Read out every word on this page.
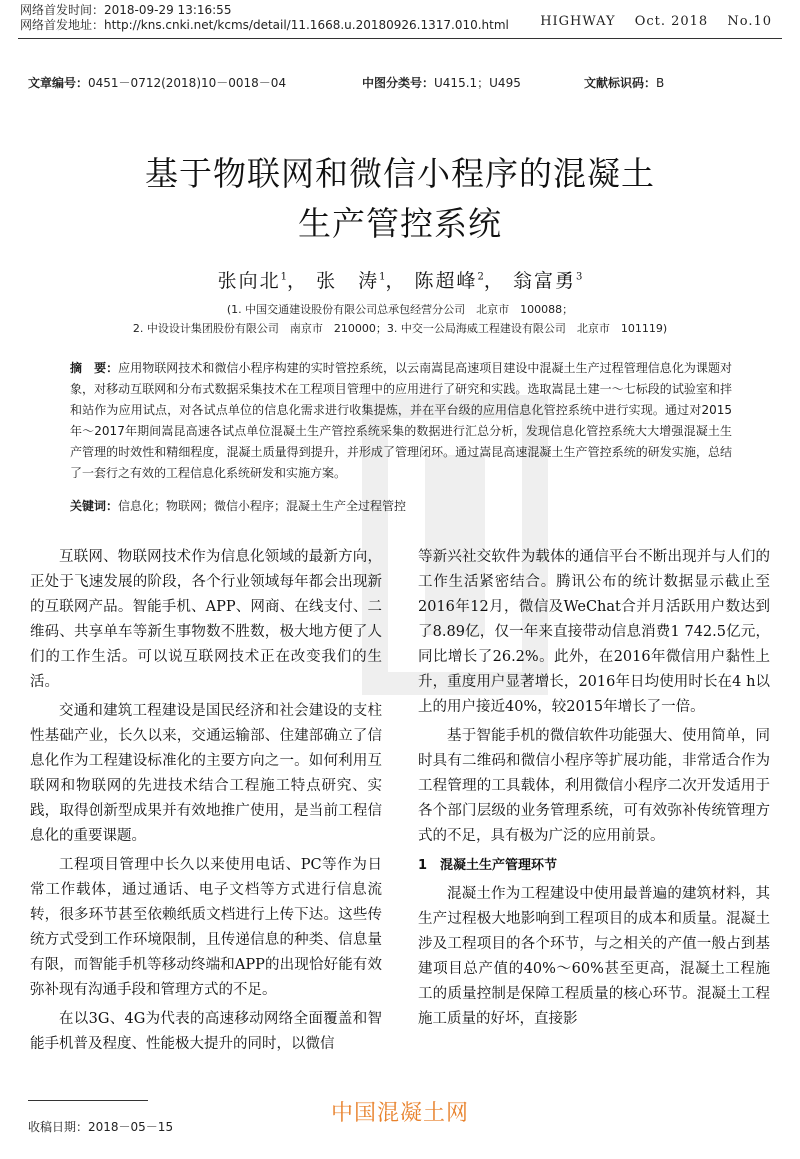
网络首发时间：2018-09-29 13:16:55
网络首发地址：http://kns.cnki.net/kcms/detail/11.1668.u.20180926.1317.010.html	HIGHWAY Oct. 2018 No.10
文章编号：0451－0712(2018)10－0018－04	中图分类号：U415.1；U495	文献标识码：B
基于物联网和微信小程序的混凝土
生产管控系统
张向北$^1$， 张　涛$^1$， 陈超峰$^2$， 翁富勇$^3$
(1. 中国交通建设股份有限公司总承包经营分公司　北京市　100088；
2. 中设设计集团股份有限公司　南京市　210000；3. 中交一公局海威工程建设有限公司　北京市　101119)
摘　要：应用物联网技术和微信小程序构建的实时管控系统，以云南嵩昆高速项目建设中混凝土生产过程管理信息化为课题对象，对移动互联网和分布式数据采集技术在工程项目管理中的应用进行了研究和实践。选取嵩昆土建一～七标段的试验室和拌和站作为应用试点，对各试点单位的信息化需求进行收集提炼，并在平台级的应用信息化管控系统中进行实现。通过对2015年～2017年期间嵩昆高速各试点单位混凝土生产管控系统采集的数据进行汇总分析，发现信息化管控系统大大增强混凝土生产管理的时效性和精细程度，混凝土质量得到提升，并形成了管理闭环。通过嵩昆高速混凝土生产管控系统的研发实施，总结了一套行之有效的工程信息化系统研发和实施方案。
关键词：信息化；物联网；微信小程序；混凝土生产全过程管控

互联网、物联网技术作为信息化领域的最新方向，正处于飞速发展的阶段，各个行业领域每年都会出现新的互联网产品。智能手机、APP、网商、在线支付、二维码、共享单车等新生事物数不胜数，极大地方便了人们的工作生活。可以说互联网技术正在改变我们的生活。

交通和建筑工程建设是国民经济和社会建设的支柱性基础产业，长久以来，交通运输部、住建部确立了信息化作为工程建设标准化的主要方向之一。如何利用互联网和物联网的先进技术结合工程施工特点研究、实践，取得创新型成果并有效地推广使用，是当前工程信息化的重要课题。

工程项目管理中长久以来使用电话、PC等作为日常工作载体，通过通话、电子文档等方式进行信息流转，很多环节甚至依赖纸质文档进行上传下达。这些传统方式受到工作环境限制，且传递信息的种类、信息量有限，而智能手机等移动终端和APP的出现恰好能有效弥补现有沟通手段和管理方式的不足。

在以3G、4G为代表的高速移动网络全面覆盖和智能手机普及程度、性能极大提升的同时，以微信

等新兴社交软件为载体的通信平台不断出现并与人们的工作生活紧密结合。腾讯公布的统计数据显示截止至2016年12月，微信及WeChat合并月活跃用户数达到了8.89亿，仅一年来直接带动信息消费1 742.5亿元，同比增长了26.2%。此外，在2016年微信用户黏性上升，重度用户显著增长，2016年日均使用时长在4 h以上的用户接近40%，较2015年增长了一倍。

基于智能手机的微信软件功能强大、使用简单，同时具有二维码和微信小程序等扩展功能，非常适合作为工程管理的工具载体，利用微信小程序二次开发适用于各个部门层级的业务管理系统，可有效弥补传统管理方式的不足，具有极为广泛的应用前景。

1　混凝土生产管理环节

混凝土作为工程建设中使用最普遍的建筑材料，其生产过程极大地影响到工程项目的成本和质量。混凝土涉及工程项目的各个环节，与之相关的产值一般占到基建项目总产值的40%～60%甚至更高，混凝土工程施工的质量控制是保障工程质量的核心环节。混凝土工程施工质量的好坏，直接影

收稿日期：2018－05－15
中国混凝土网
